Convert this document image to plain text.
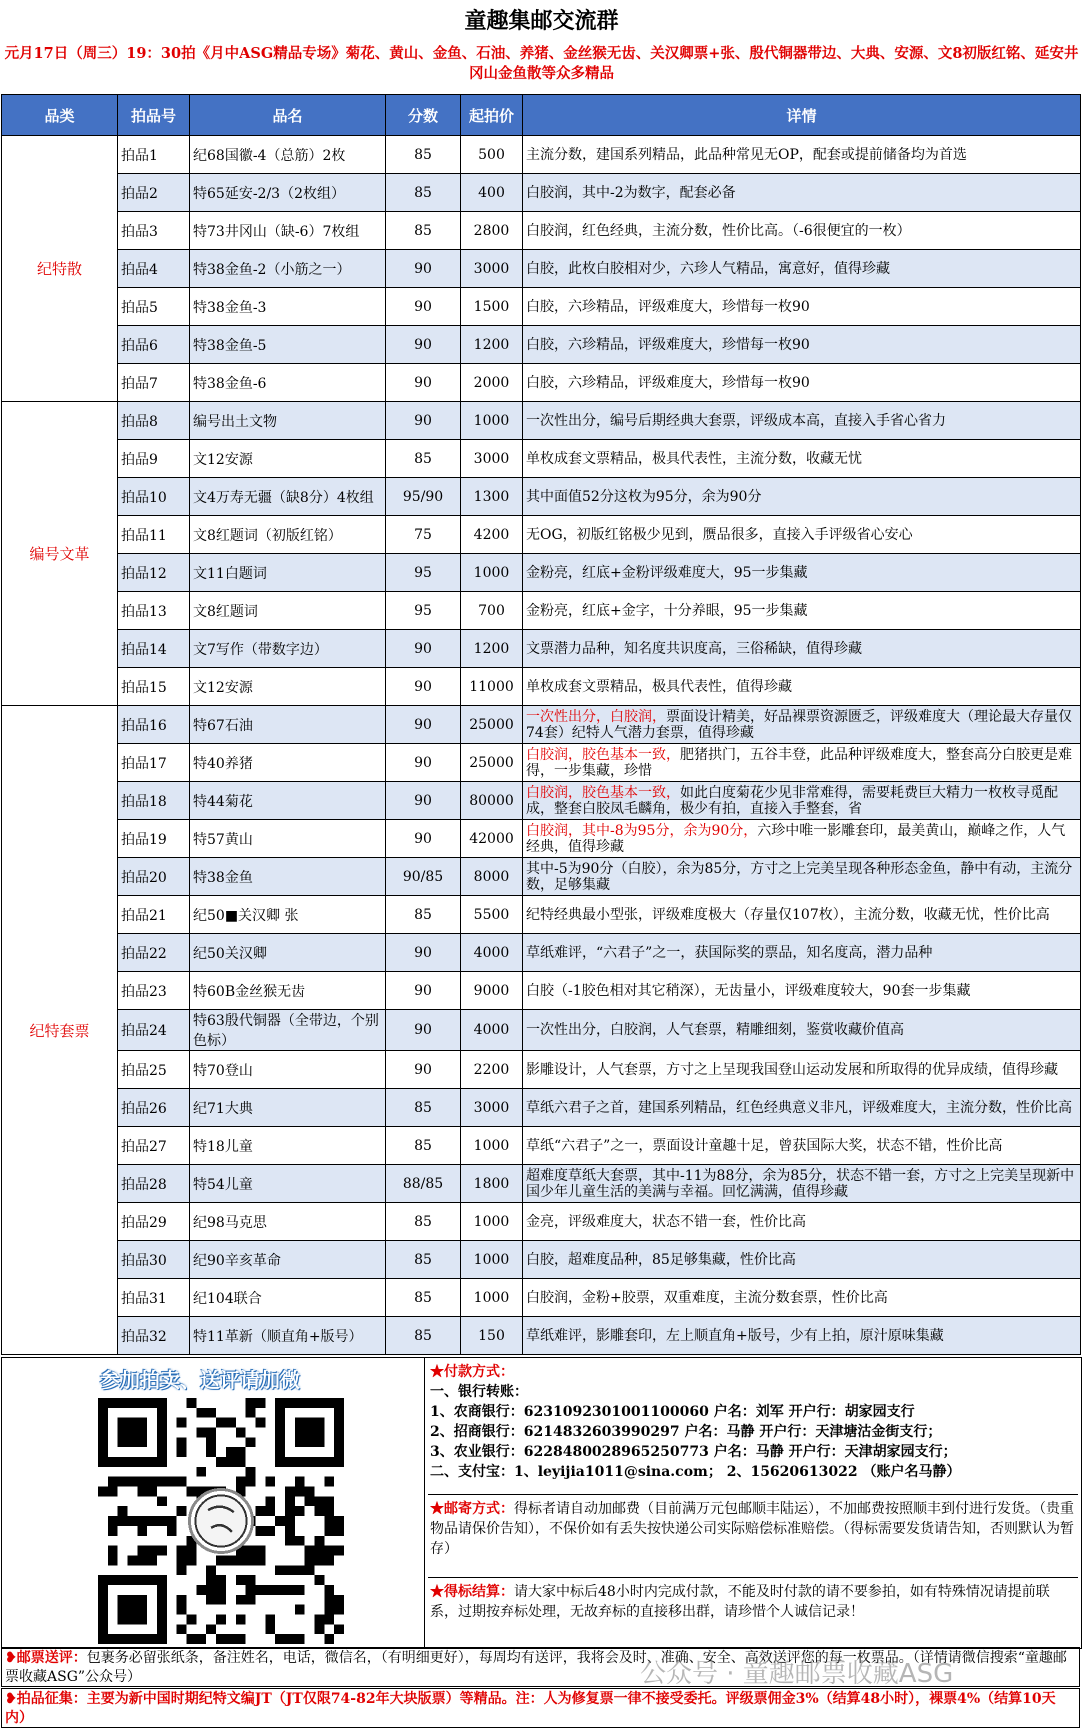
童趣集邮交流群
元月17日（周三）19：30拍《月中ASG精品专场》菊花、黄山、金鱼、石油、养猪、金丝猴无齿、关汉卿票+张、殷代铜器带边、大典、安源、文8初版红铭、延安井冈山金鱼散等众多精品
品类	拍品号	品名	分数	起拍价	详情
纪特散	拍品1	纪68国徽-4（总筋）2枚	85	500	主流分数，建国系列精品，此品种常见无OP，配套或提前储备均为首选
	拍品2	特65延安-2/3（2枚组）	85	400	白胶润，其中-2为数字，配套必备
	拍品3	特73井冈山（缺-6）7枚组	85	2800	白胶润，红色经典，主流分数，性价比高。（-6很便宜的一枚）
	拍品4	特38金鱼-2（小筋之一）	90	3000	白胶，此枚白胶相对少，六珍人气精品，寓意好，值得珍藏
	拍品5	特38金鱼-3	90	1500	白胶，六珍精品，评级难度大，珍惜每一枚90
	拍品6	特38金鱼-5	90	1200	白胶，六珍精品，评级难度大，珍惜每一枚90
	拍品7	特38金鱼-6	90	2000	白胶，六珍精品，评级难度大，珍惜每一枚90
编号文革	拍品8	编号出土文物	90	1000	一次性出分，编号后期经典大套票，评级成本高，直接入手省心省力
	拍品9	文12安源	85	3000	单枚成套文票精品，极具代表性，主流分数，收藏无忧
	拍品10	文4万寿无疆（缺8分）4枚组	95/90	1300	其中面值52分这枚为95分，余为90分
	拍品11	文8红题词（初版红铭）	75	4200	无OG，初版红铭极少见到，赝品很多，直接入手评级省心安心
	拍品12	文11白题词	95	1000	金粉亮，红底+金粉评级难度大，95一步集藏
	拍品13	文8红题词	95	700	金粉亮，红底+金字，十分养眼，95一步集藏
	拍品14	文7写作（带数字边）	90	1200	文票潜力品种，知名度共识度高，三俗稀缺，值得珍藏
	拍品15	文12安源	90	11000	单枚成套文票精品，极具代表性，值得珍藏
纪特套票	拍品16	特67石油	90	25000	一次性出分，白胶润，票面设计精美，好品裸票资源匮乏，评级难度大（理论最大存量仅74套）纪特人气潜力套票，值得珍藏
	拍品17	特40养猪	90	25000	白胶润，胶色基本一致，肥猪拱门，五谷丰登，此品种评级难度大，整套高分白胶更是难得，一步集藏，珍惜
	拍品18	特44菊花	90	80000	白胶润，胶色基本一致，如此白度菊花少见非常难得，需要耗费巨大精力一枚枚寻觅配成，整套白胶凤毛麟角，极少有拍，直接入手整套，省
	拍品19	特57黄山	90	42000	白胶润，其中-8为95分，余为90分，六珍中唯一影雕套印，最美黄山，巅峰之作，人气经典，值得珍藏
	拍品20	特38金鱼	90/85	8000	其中-5为90分（白胶），余为85分，方寸之上完美呈现各种形态金鱼，静中有动，主流分数，足够集藏
	拍品21	纪50■关汉卿 张	85	5500	纪特经典最小型张，评级难度极大（存量仅107枚），主流分数，收藏无忧，性价比高
	拍品22	纪50关汉卿	90	4000	草纸难评，“六君子”之一，获国际奖的票品，知名度高，潜力品种
	拍品23	特60B金丝猴无齿	90	9000	白胶（-1胶色相对其它稍深），无齿量小，评级难度较大，90套一步集藏
	拍品24	特63殷代铜器（全带边，个别色标）	90	4000	一次性出分，白胶润，人气套票，精雕细刻，鉴赏收藏价值高
	拍品25	特70登山	90	2200	影雕设计，人气套票，方寸之上呈现我国登山运动发展和所取得的优异成绩，值得珍藏
	拍品26	纪71大典	85	3000	草纸六君子之首，建国系列精品，红色经典意义非凡，评级难度大，主流分数，性价比高
	拍品27	特18儿童	85	1000	草纸“六君子”之一，票面设计童趣十足，曾获国际大奖，状态不错，性价比高
	拍品28	特54儿童	88/85	1800	超难度草纸大套票，其中-11为88分，余为85分，状态不错一套，方寸之上完美呈现新中国少年儿童生活的美满与幸福。回忆满满，值得珍藏
	拍品29	纪98马克思	85	1000	金亮，评级难度大，状态不错一套，性价比高
	拍品30	纪90辛亥革命	85	1000	白胶，超难度品种，85足够集藏，性价比高
	拍品31	纪104联合	85	1000	白胶润，金粉+胶票，双重难度，主流分数套票，性价比高
	拍品32	特11革新（顺直角+版号）	85	150	草纸难评，影雕套印，左上顺直角+版号，少有上拍，原汁原味集藏
参加拍卖、送评请加微	★付款方式：
一、银行转账：
1、农商银行：6231092301001100060 户名：刘军 开户行：胡家园支行
2、招商银行：6214832603990297 户名：马静 开户行：天津塘沽金街支行；
3、农业银行：6228480028965250773 户名：马静 开户行：天津胡家园支行；
二、支付宝：1、leyijia1011@sina.com； 2、15620613022 （账户名马静）
★邮寄方式：得标者请自动加邮费（目前满万元包邮顺丰陆运），不加邮费按照顺丰到付进行发货。（贵重物品请保价告知），不保价如有丢失按快递公司实际赔偿标准赔偿。（得标需要发货请告知，否则默认为暂存）
★得标结算：请大家中标后48小时内完成付款，不能及时付款的请不要参拍，如有特殊情况请提前联系，过期按弃标处理，无故弃标的直接移出群，请珍惜个人诚信记录！
❥邮票送评：包裹务必留张纸条，备注姓名，电话，微信名，（有明细更好），每周均有送评，我将会及时、准确、安全、高效送评您的每一枚票品。（详情请微信搜索“童趣邮票收藏ASG”公众号）
❥拍品征集：主要为新中国时期纪特文编JT（JT仅限74-82年大块版票）等精品。注：人为修复票一律不接受委托。评级票佣金3%（结算48小时），裸票4%（结算10天内）
公众号 · 童趣邮票收藏ASG
